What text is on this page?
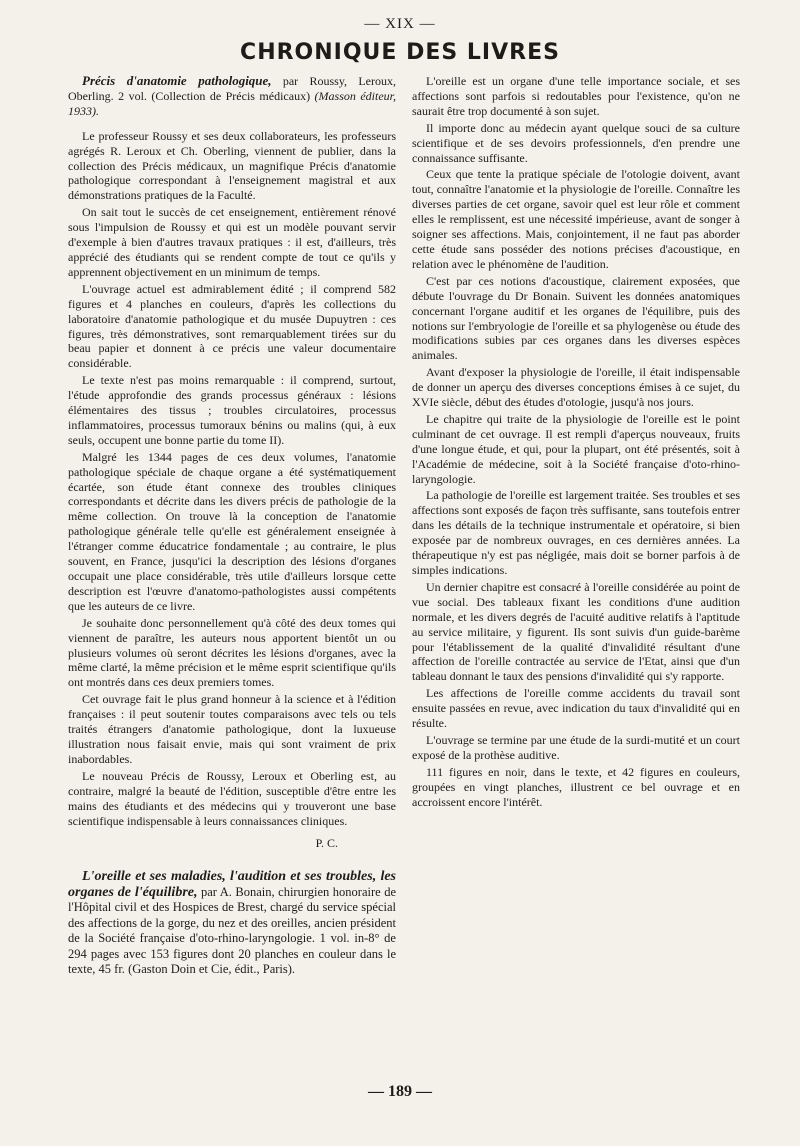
— XIX —
CHRONIQUE DES LIVRES

Précis d'anatomie pathologique, par Roussy, Leroux, Oberling. 2 vol. (Collection de Précis médicaux) (Masson éditeur, 1933).

Le professeur Roussy et ses deux collaborateurs, les professeurs agrégés R. Leroux et Ch. Oberling, viennent de publier, dans la collection des Précis médicaux, un magnifique Précis d'anatomie pathologique correspondant à l'enseignement magistral et aux démonstrations pratiques de la Faculté.

On sait tout le succès de cet enseignement, entièrement rénové sous l'impulsion de Roussy et qui est un modèle pouvant servir d'exemple à bien d'autres travaux pratiques : il est, d'ailleurs, très apprécié des étudiants qui se rendent compte de tout ce qu'ils y apprennent objectivement en un minimum de temps.

L'ouvrage actuel est admirablement édité ; il comprend 582 figures et 4 planches en couleurs, d'après les collections du laboratoire d'anatomie pathologique et du musée Dupuytren : ces figures, très démonstratives, sont remarquablement tirées sur du beau papier et donnent à ce précis une valeur documentaire considérable.

Le texte n'est pas moins remarquable : il comprend, surtout, l'étude approfondie des grands processus généraux : lésions élémentaires des tissus ; troubles circulatoires, processus inflammatoires, processus tumoraux bénins ou malins (qui, à eux seuls, occupent une bonne partie du tome II).

Malgré les 1344 pages de ces deux volumes, l'anatomie pathologique spéciale de chaque organe a été systématiquement écartée, son étude étant connexe des troubles cliniques correspondants et décrite dans les divers précis de pathologie de la même collection. On trouve là la conception de l'anatomie pathologique générale telle qu'elle est généralement enseignée à l'étranger comme éducatrice fondamentale ; au contraire, le plus souvent, en France, jusqu'ici la description des lésions d'organes occupait une place considérable, très utile d'ailleurs lorsque cette description est l'œuvre d'anatomo-pathologistes aussi compétents que les auteurs de ce livre.

Je souhaite donc personnellement qu'à côté des deux tomes qui viennent de paraître, les auteurs nous apportent bientôt un ou plusieurs volumes où seront décrites les lésions d'organes, avec la même clarté, la même précision et le même esprit scientifique qu'ils ont montrés dans ces deux premiers tomes.

Cet ouvrage fait le plus grand honneur à la science et à l'édition françaises : il peut soutenir toutes comparaisons avec tels ou tels traités étrangers d'anatomie pathologique, dont la luxueuse illustration nous faisait envie, mais qui sont vraiment de prix inabordables.

Le nouveau Précis de Roussy, Leroux et Oberling est, au contraire, malgré la beauté de l'édition, susceptible d'être entre les mains des étudiants et des médecins qui y trouveront une base scientifique indispensable à leurs connaissances cliniques.

P. C.

L'oreille et ses maladies, l'audition et ses troubles, les organes de l'équilibre, par A. Bonain, chirurgien honoraire de l'Hôpital civil et des Hospices de Brest, chargé du service spécial des affections de la gorge, du nez et des oreilles, ancien président de la Société française d'oto-rhino-laryngologie. 1 vol. in-8° de 294 pages avec 153 figures dont 20 planches en couleur dans le texte, 45 fr. (Gaston Doin et Cie, édit., Paris).

L'oreille est un organe d'une telle importance sociale, et ses affections sont parfois si redoutables pour l'existence, qu'on ne saurait être trop documenté à son sujet.

Il importe donc au médecin ayant quelque souci de sa culture scientifique et de ses devoirs professionnels, d'en prendre une connaissance suffisante.

Ceux que tente la pratique spéciale de l'otologie doivent, avant tout, connaître l'anatomie et la physiologie de l'oreille. Connaître les diverses parties de cet organe, savoir quel est leur rôle et comment elles le remplissent, est une nécessité impérieuse, avant de songer à soigner ses affections. Mais, conjointement, il ne faut pas aborder cette étude sans posséder des notions précises d'acoustique, en relation avec le phénomène de l'audition.

C'est par ces notions d'acoustique, clairement exposées, que débute l'ouvrage du Dr Bonain. Suivent les données anatomiques concernant l'organe auditif et les organes de l'équilibre, puis des notions sur l'embryologie de l'oreille et sa phylogenèse ou étude des modifications subies par ces organes dans les diverses espèces animales.

Avant d'exposer la physiologie de l'oreille, il était indispensable de donner un aperçu des diverses conceptions émises à ce sujet, du XVIe siècle, début des études d'otologie, jusqu'à nos jours.

Le chapitre qui traite de la physiologie de l'oreille est le point culminant de cet ouvrage. Il est rempli d'aperçus nouveaux, fruits d'une longue étude, et qui, pour la plupart, ont été présentés, soit à l'Académie de médecine, soit à la Société française d'oto-rhino-laryngologie.

La pathologie de l'oreille est largement traitée. Ses troubles et ses affections sont exposés de façon très suffisante, sans toutefois entrer dans les détails de la technique instrumentale et opératoire, si bien exposée par de nombreux ouvrages, en ces dernières années. La thérapeutique n'y est pas négligée, mais doit se borner parfois à de simples indications.

Un dernier chapitre est consacré à l'oreille considérée au point de vue social. Des tableaux fixant les conditions d'une audition normale, et les divers degrés de l'acuité auditive relatifs à l'aptitude au service militaire, y figurent. Ils sont suivis d'un guide-barème pour l'établissement de la qualité d'invalidité résultant d'une affection de l'oreille contractée au service de l'Etat, ainsi que d'un tableau donnant le taux des pensions d'invalidité qui s'y rapporte.

Les affections de l'oreille comme accidents du travail sont ensuite passées en revue, avec indication du taux d'invalidité qui en résulte.

L'ouvrage se termine par une étude de la surdi-mutité et un court exposé de la prothèse auditive.

111 figures en noir, dans le texte, et 42 figures en couleurs, groupées en vingt planches, illustrent ce bel ouvrage et en accroissent encore l'intérêt.

— 189 —
